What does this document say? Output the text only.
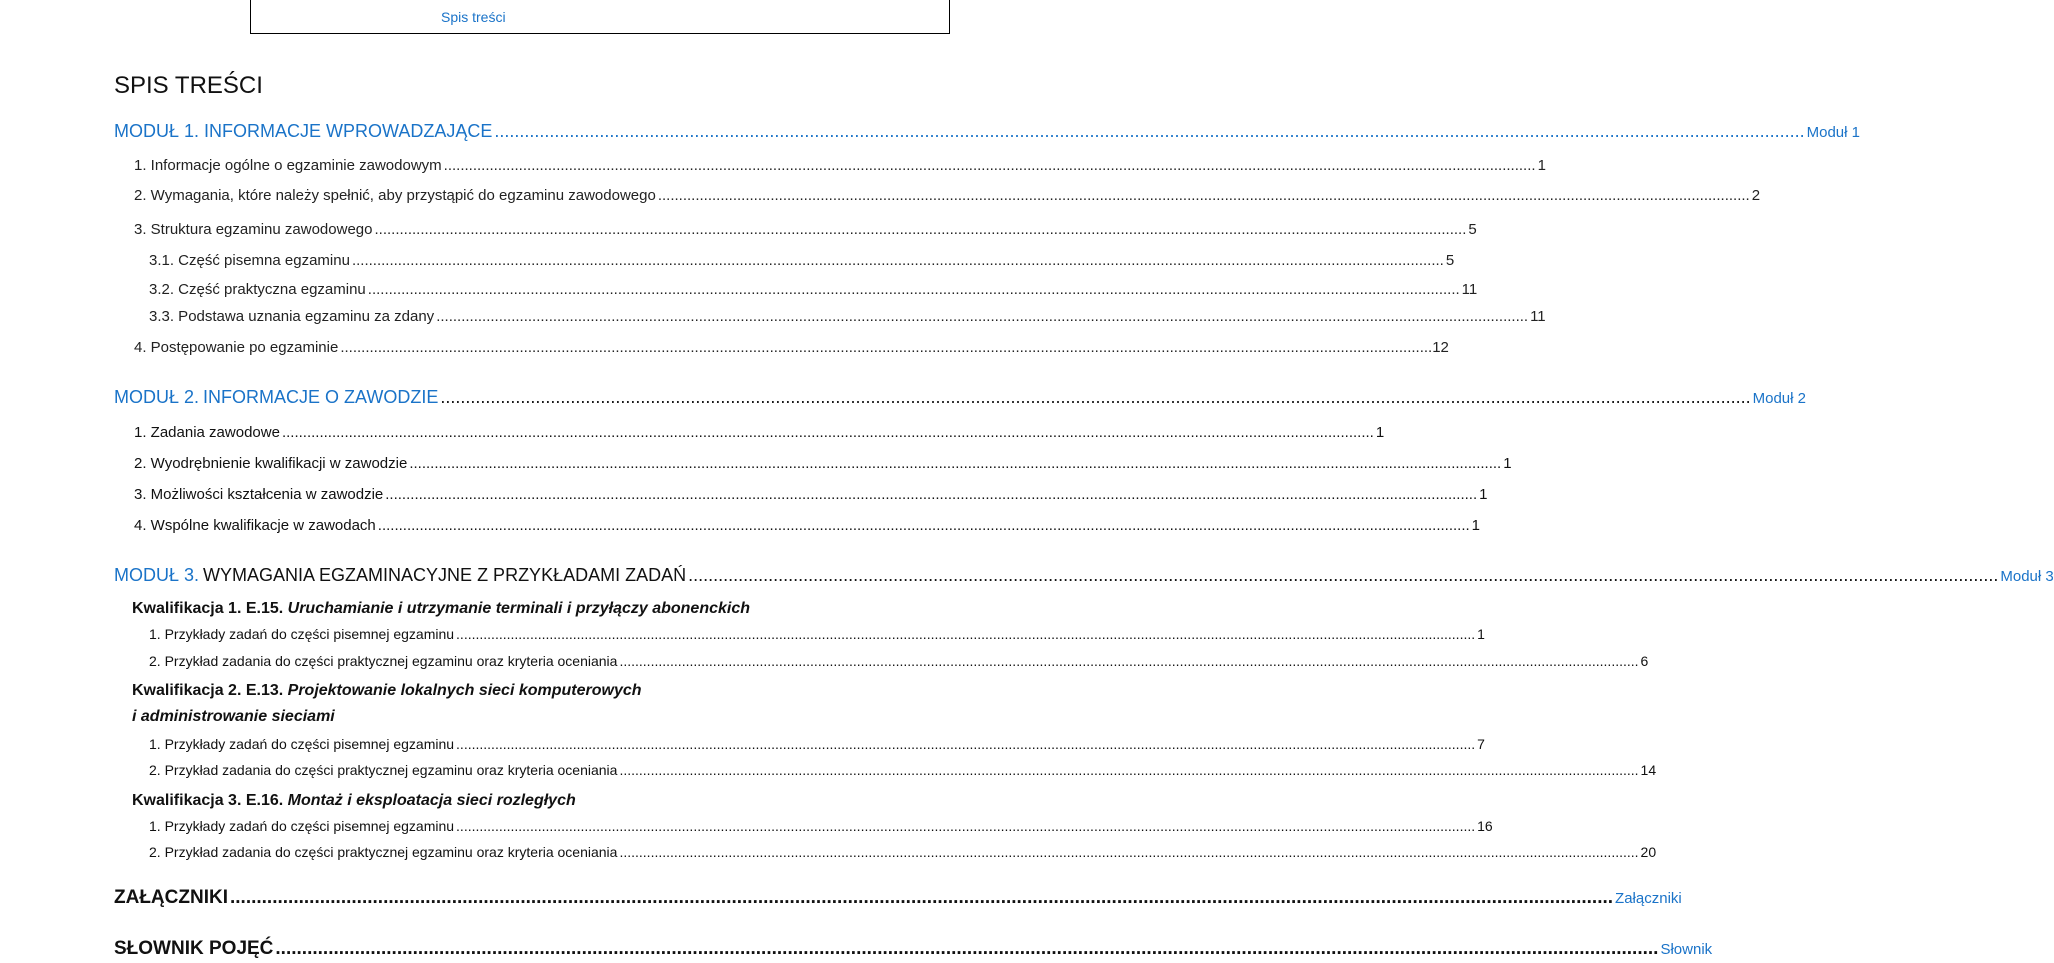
Spis treści
SPIS TREŚCI
MODUŁ 1. INFORMACJE WPROWADZAJĄCE ...................................................................................................................................................................................................................................................................... Moduł 1
1. Informacje ogólne o egzaminie zawodowym ...................................................................................................................................................................................................................................................................... 1
2. Wymagania, które należy spełnić, aby przystąpić do egzaminu zawodowego ...................................................................................................................................................................................................................................................................... 2
3. Struktura egzaminu zawodowego ...................................................................................................................................................................................................................................................................... 5
3.1. Część pisemna egzaminu ...................................................................................................................................................................................................................................................................... 5
3.2. Część praktyczna egzaminu ...................................................................................................................................................................................................................................................................... 11
3.3. Podstawa uznania egzaminu za zdany ...................................................................................................................................................................................................................................................................... 11
4. Postępowanie po egzaminie ...................................................................................................................................................................................................................................................................... 12
MODUŁ 2. INFORMACJE O ZAWODZIE ...................................................................................................................................................................................................................................................................... Moduł 2
1. Zadania zawodowe ...................................................................................................................................................................................................................................................................... 1
2. Wyodrębnienie kwalifikacji w zawodzie ...................................................................................................................................................................................................................................................................... 1
3. Możliwości kształcenia w zawodzie ...................................................................................................................................................................................................................................................................... 1
4. Wspólne kwalifikacje w zawodach ...................................................................................................................................................................................................................................................................... 1
MODUŁ 3. WYMAGANIA EGZAMINACYJNE Z PRZYKŁADAMI ZADAŃ ...................................................................................................................................................................................................................................................................... Moduł 3
Kwalifikacja 1. E.15. Uruchamianie i utrzymanie terminali i przyłączy abonenckich
1. Przykłady zadań do części pisemnej egzaminu ...................................................................................................................................................................................................................................................................... 1
2. Przykład zadania do części praktycznej egzaminu oraz kryteria oceniania ...................................................................................................................................................................................................................................................................... 6
Kwalifikacja 2. E.13. Projektowanie lokalnych sieci komputerowych
i administrowanie sieciami
1. Przykłady zadań do części pisemnej egzaminu ...................................................................................................................................................................................................................................................................... 7
2. Przykład zadania do części praktycznej egzaminu oraz kryteria oceniania ...................................................................................................................................................................................................................................................................... 14
Kwalifikacja 3. E.16. Montaż i eksploatacja sieci rozległych
1. Przykłady zadań do części pisemnej egzaminu ...................................................................................................................................................................................................................................................................... 16
2. Przykład zadania do części praktycznej egzaminu oraz kryteria oceniania ...................................................................................................................................................................................................................................................................... 20
ZAŁĄCZNIKI ...................................................................................................................................................................................................................................................................... Załączniki
SŁOWNIK POJĘĆ ...................................................................................................................................................................................................................................................................... Słownik
